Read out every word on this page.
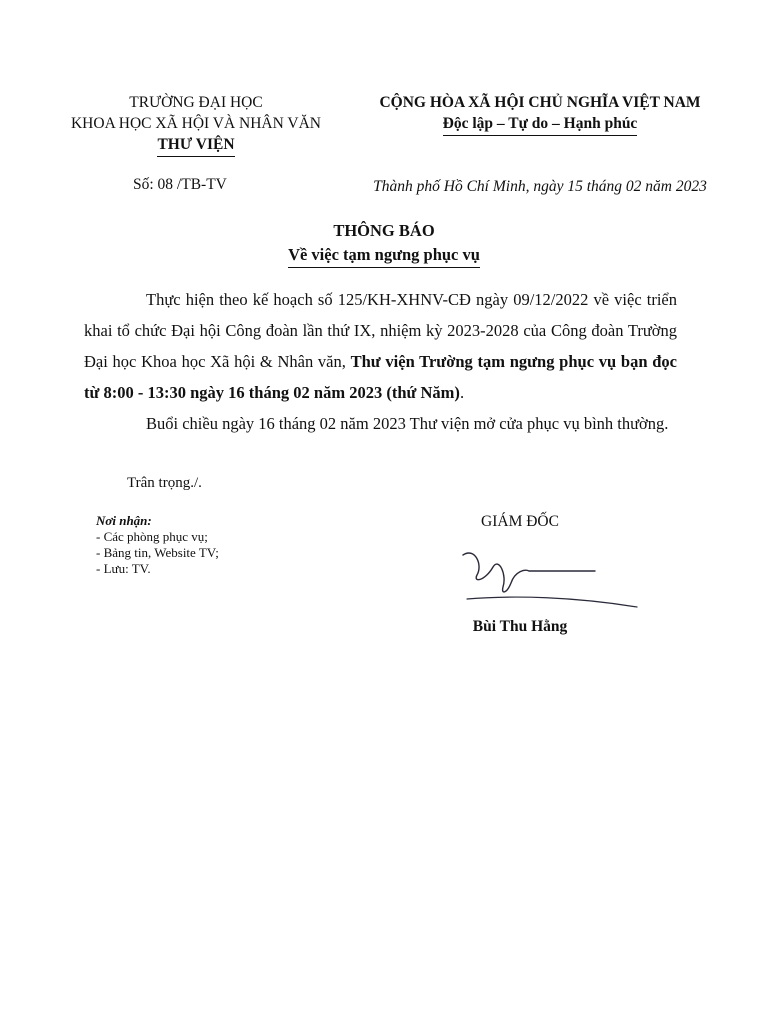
TRƯỜNG ĐẠI HỌC
KHOA HỌC XÃ HỘI VÀ NHÂN VĂN
THƯ VIỆN
CỘNG HÒA XÃ HỘI CHỦ NGHĨA VIỆT NAM
Độc lập – Tự do – Hạnh phúc
Số: 08 /TB-TV	Thành phố Hồ Chí Minh, ngày 15 tháng 02 năm 2023
THÔNG BÁO
Về việc tạm ngưng phục vụ

Thực hiện theo kế hoạch số 125/KH-XHNV-CĐ ngày 09/12/2022 về việc triển khai tổ chức Đại hội Công đoàn lần thứ IX, nhiệm kỳ 2023-2028 của Công đoàn Trường Đại học Khoa học Xã hội & Nhân văn, Thư viện Trường tạm ngưng phục vụ bạn đọc từ 8:00 - 13:30 ngày 16 tháng 02 năm 2023 (thứ Năm).

Buổi chiều ngày 16 tháng 02 năm 2023 Thư viện mở cửa phục vụ bình thường.

Trân trọng./.
Nơi nhận:
- Các phòng phục vụ;
- Bảng tin, Website TV;
- Lưu: TV.
GIÁM ĐỐC
Bùi Thu Hằng
